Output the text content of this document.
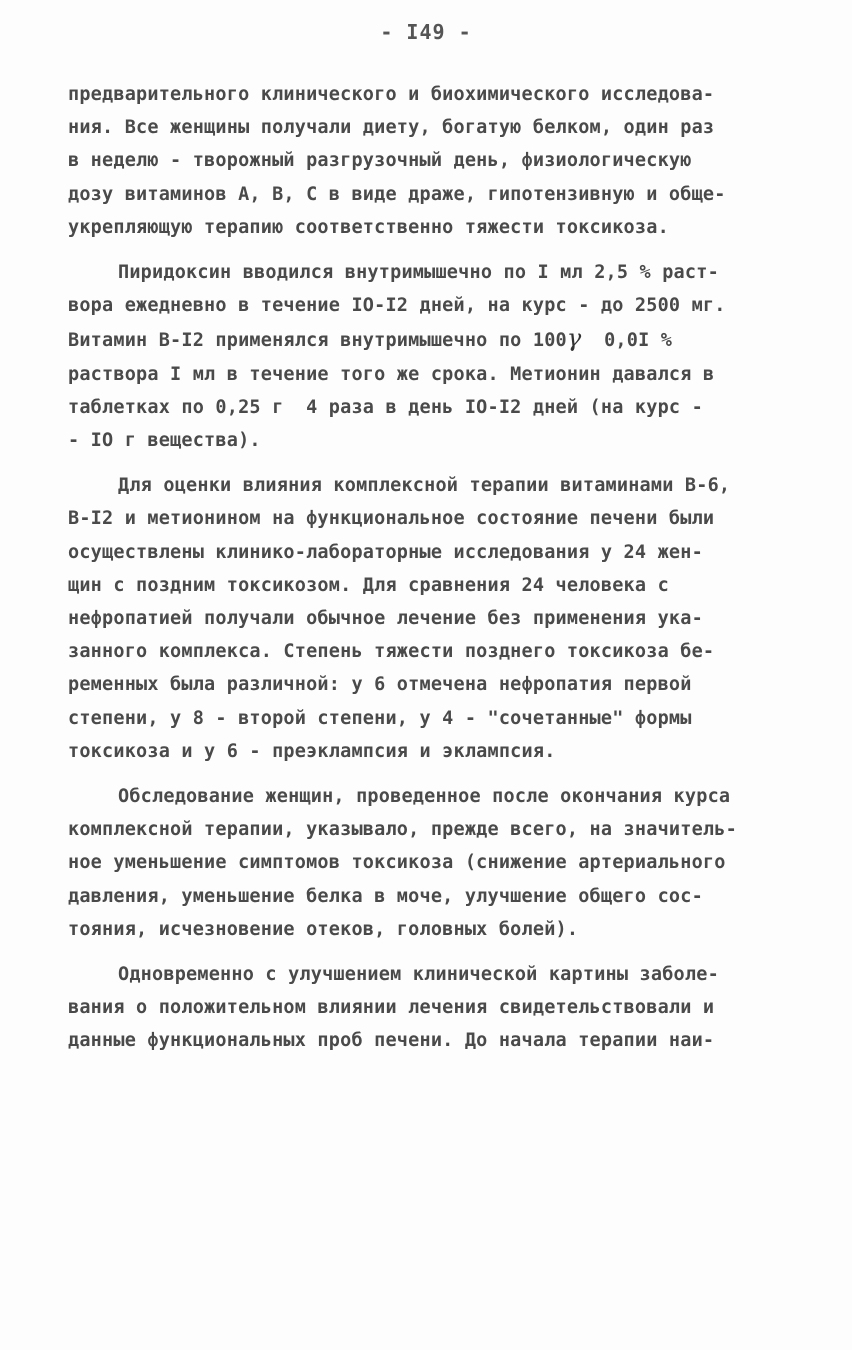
- I49 -
предварительного клинического и биохимического исследова-
ния. Все женщины получали диету, богатую белком, один раз
в неделю - творожный разгрузочный день, физиологическую
дозу витаминов А, В, С в виде драже, гипотензивную и обще-
укрепляющую терапию соответственно тяжести токсикоза.
Пиридоксин вводился внутримышечно по I мл 2,5 % раст-
вора ежедневно в течение IO-I2 дней, на курс - до 2500 мг.
Витамин В-I2 применялся внутримышечно по 100γ  0,0I %
раствора I мл в течение того же срока. Метионин давался в
таблетках по 0,25 г  4 раза в день IO-I2 дней (на курс -
- IO г вещества).
Для оценки влияния комплексной терапии витаминами В-6,
В-I2 и метионином на функциональное состояние печени были
осуществлены клинико-лабораторные исследования у 24 жен-
щин с поздним токсикозом. Для сравнения 24 человека с
нефропатией получали обычное лечение без применения ука-
занного комплекса. Степень тяжести позднего токсикоза бе-
ременных была различной: у 6 отмечена нефропатия первой
степени, у 8 - второй степени, у 4 - "сочетанные" формы
токсикоза и у 6 - преэклампсия и эклампсия.
Обследование женщин, проведенное после окончания курса
комплексной терапии, указывало, прежде всего, на значитель-
ное уменьшение симптомов токсикоза (снижение артериального
давления, уменьшение белка в моче, улучшение общего сос-
тояния, исчезновение отеков, головных болей).
Одновременно с улучшением клинической картины заболе-
вания о положительном влиянии лечения свидетельствовали и
данные функциональных проб печени. До начала терапии наи-
